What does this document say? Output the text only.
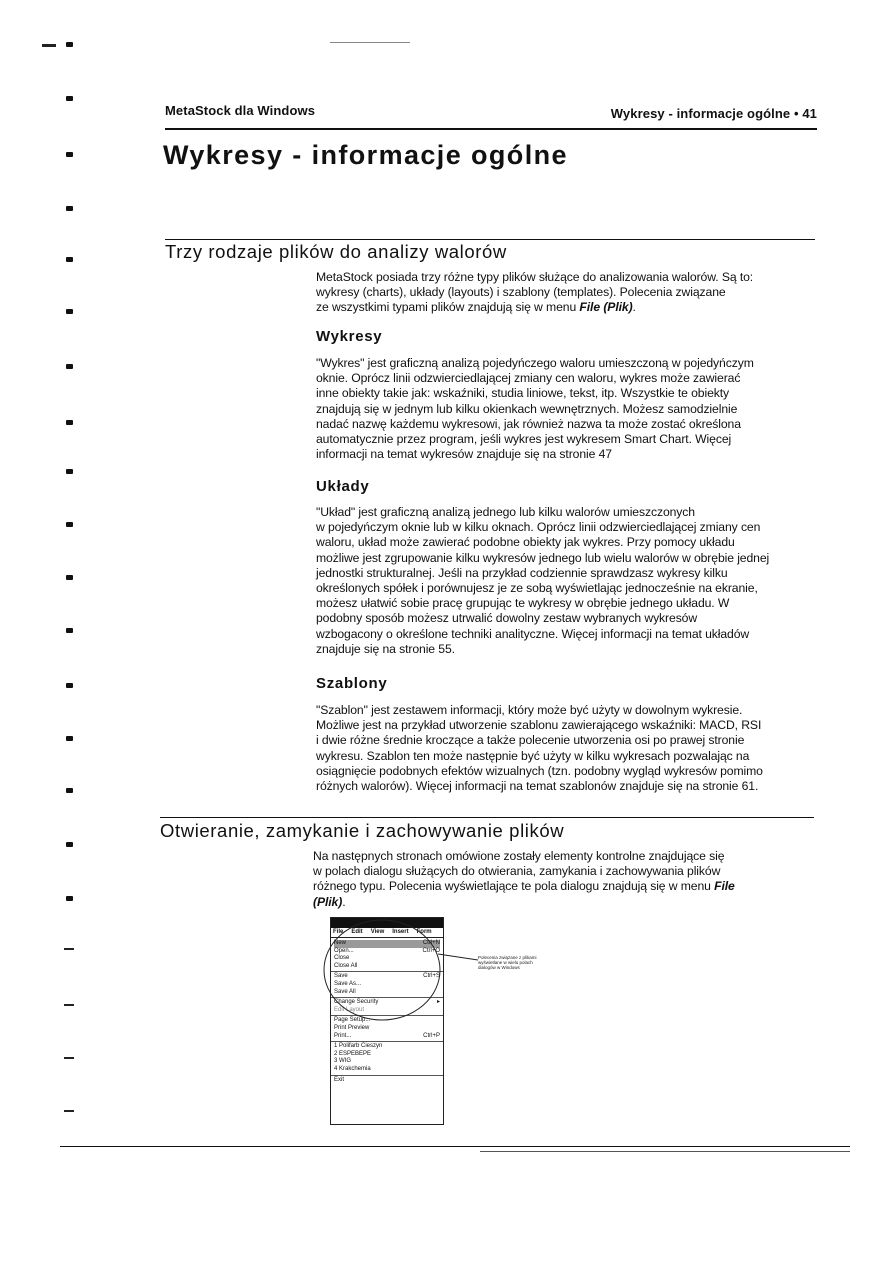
MetaStock dla Windows	Wykresy - informacje ogólne • 41
Wykresy - informacje ogólne
Trzy rodzaje plików do analizy walorów

MetaStock posiada trzy różne typy plików służące do analizowania walorów. Są to:

wykresy (charts), układy (layouts) i szablony (templates). Polecenia związane

ze wszystkimi typami plików znajdują się w menu File (Plik).

Wykresy

"Wykres" jest graficzną analizą pojedyńczego waloru umieszczoną w pojedyńczym

oknie. Oprócz linii odzwierciedlającej zmiany cen waloru, wykres może zawierać

inne obiekty takie jak: wskaźniki, studia liniowe, tekst, itp. Wszystkie te obiekty

znajdują się w jednym lub kilku okienkach wewnętrznych. Możesz samodzielnie

nadać nazwę każdemu wykresowi, jak również nazwa ta może zostać określona

automatycznie przez program, jeśli wykres jest wykresem Smart Chart. Więcej

informacji na temat wykresów znajduje się na stronie 47

Układy

"Układ" jest graficzną analizą jednego lub kilku walorów umieszczonych

w pojedyńczym oknie lub w kilku oknach. Oprócz linii odzwierciedlającej zmiany cen

waloru, układ może zawierać podobne obiekty jak wykres. Przy pomocy układu

możliwe jest zgrupowanie kilku wykresów jednego lub wielu walorów w obrębie jednej

jednostki strukturalnej. Jeśli na przykład codziennie sprawdzasz wykresy kilku

określonych spółek i porównujesz je ze sobą wyświetlając jednocześnie na ekranie,

możesz ułatwić sobie pracę grupując te wykresy w obrębie jednego układu. W

podobny sposób możesz utrwalić dowolny zestaw wybranych wykresów

wzbogacony o określone techniki analityczne. Więcej informacji na temat układów

znajduje się na stronie 55.

Szablony

"Szablon" jest zestawem informacji, który może być użyty w dowolnym wykresie.

Możliwe jest na przykład utworzenie szablonu zawierającego wskaźniki: MACD, RSI

i dwie różne średnie kroczące a także polecenie utworzenia osi po prawej stronie

wykresu. Szablon ten może następnie być użyty w kilku wykresach pozwalając na

osiągnięcie podobnych efektów wizualnych (tzn. podobny wygląd wykresów pomimo

różnych walorów). Więcej informacji na temat szablonów znajduje się na stronie 61.

Otwieranie, zamykanie i zachowywanie plików

Na następnych stronach omówione zostały elementy kontrolne znajdujące się

w polach dialogu służących do otwierania, zamykania i zachowywania plików

różnego typu. Polecenia wyświetlające te pola dialogu znajdują się w menu File

(Plik).

File Edit View Insert Form
New	Ctrl+N
Open...	Ctrl+O
Close
Close All
Save	Ctrl+S
Save As...
Save All
Change Security	▸
Edit Layout
Page Setup...
Print Preview
Print...	Ctrl+P
1 Polifarb Cieszyn
2 ESPEBEPE
3 WIG
4 Krakchemia
Exit
Polecenia związane z plikami wyświetlane w wielu polach dialogów w Windows
